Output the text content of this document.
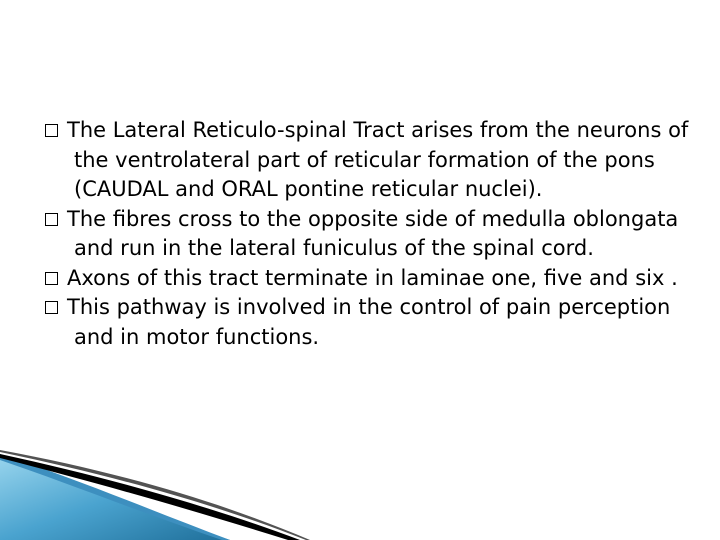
The Lateral Reticulo-spinal Tract arises from the neurons of the ventrolateral part of reticular formation of the pons (CAUDAL and ORAL pontine reticular nuclei).
The fibres cross to the opposite side of medulla oblongata and run in the lateral funiculus of the spinal cord.
Axons of this tract terminate in laminae one, five and six .
This pathway is involved in the control of pain perception and in motor functions.
